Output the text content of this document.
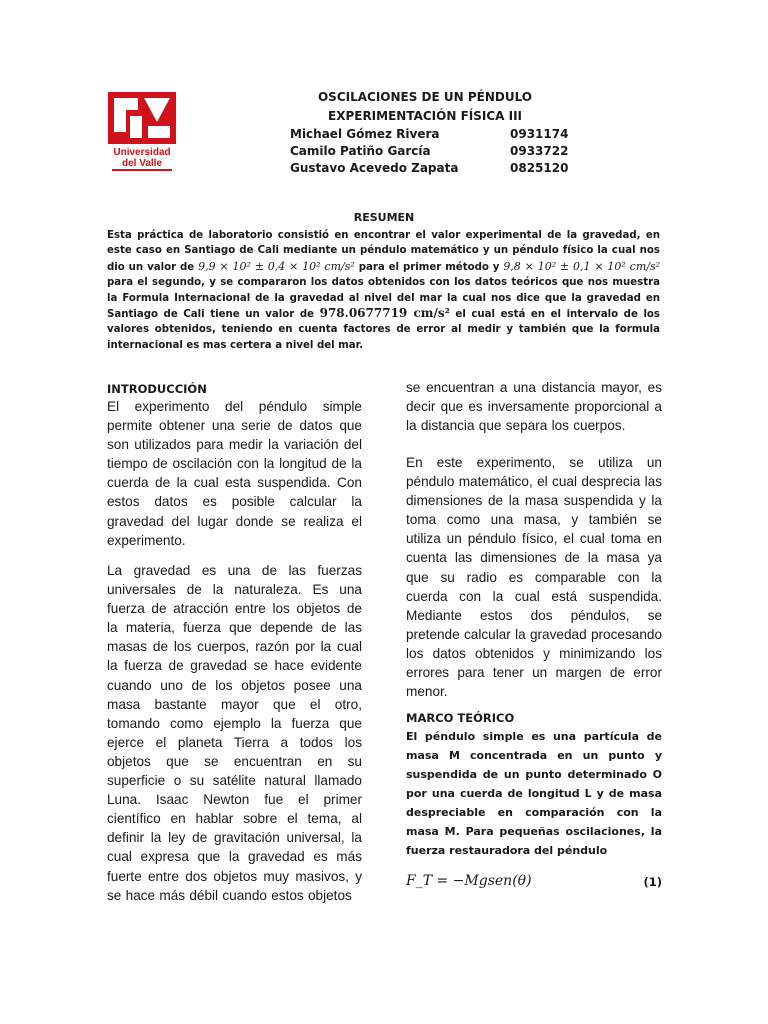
Universidad
del Valle
OSCILACIONES DE UN PÉNDULO
EXPERIMENTACIÓN FÍSICA III
Michael Gómez Rivera	0931174
Camilo Patiño García	0933722
Gustavo Acevedo Zapata	0825120
RESUMEN

Esta práctica de laboratorio consistió en encontrar el valor experimental de la gravedad, en este caso en Santiago de Cali mediante un péndulo matemático y un péndulo físico la cual nos dio un valor de 9,9 × 10² ± 0,4 × 10² cm/s² para el primer método y 9,8 × 10² ± 0,1 × 10² cm/s² para el segundo, y se compararon los datos obtenidos con los datos teóricos que nos muestra la Formula Internacional de la gravedad al nivel del mar la cual nos dice que la gravedad en Santiago de Cali tiene un valor de 978.0677719 cm/s² el cual está en el intervalo de los valores obtenidos, teniendo en cuenta factores de error al medir y también que la formula internacional es mas certera a nivel del mar.

INTRODUCCIÓN

El experimento del péndulo simple permite obtener una serie de datos que son utilizados para medir la variación del tiempo de oscilación con la longitud de la cuerda de la cual esta suspendida. Con estos datos es posible calcular la gravedad del lugar donde se realiza el experimento.

La gravedad es una de las fuerzas universales de la naturaleza. Es una fuerza de atracción entre los objetos de la materia, fuerza que depende de las masas de los cuerpos, razón por la cual la fuerza de gravedad se hace evidente cuando uno de los objetos posee una masa bastante mayor que el otro, tomando como ejemplo la fuerza que ejerce el planeta Tierra a todos los objetos que se encuentran en su superficie o su satélite natural llamado Luna. Isaac Newton fue el primer científico en hablar sobre el tema, al definir la ley de gravitación universal, la cual expresa que la gravedad es más fuerte entre dos objetos muy masivos, y se hace más débil cuando estos objetos

se encuentran a una distancia mayor, es decir que es inversamente proporcional a la distancia que separa los cuerpos.

En este experimento, se utiliza un péndulo matemático, el cual desprecia las dimensiones de la masa suspendida y la toma como una masa, y también se utiliza un péndulo físico, el cual toma en cuenta las dimensiones de la masa ya que su radio es comparable con la cuerda con la cual está suspendida. Mediante estos dos péndulos, se pretende calcular la gravedad procesando los datos obtenidos y minimizando los errores para tener un margen de error menor.

MARCO TEÓRICO

El péndulo simple es una partícula de masa M concentrada en un punto y suspendida de un punto determinado O por una cuerda de longitud L y de masa despreciable en comparación con la masa M. Para pequeñas oscilaciones, la fuerza restauradora del péndulo

F_T = −Mgsen(θ)	(1)
